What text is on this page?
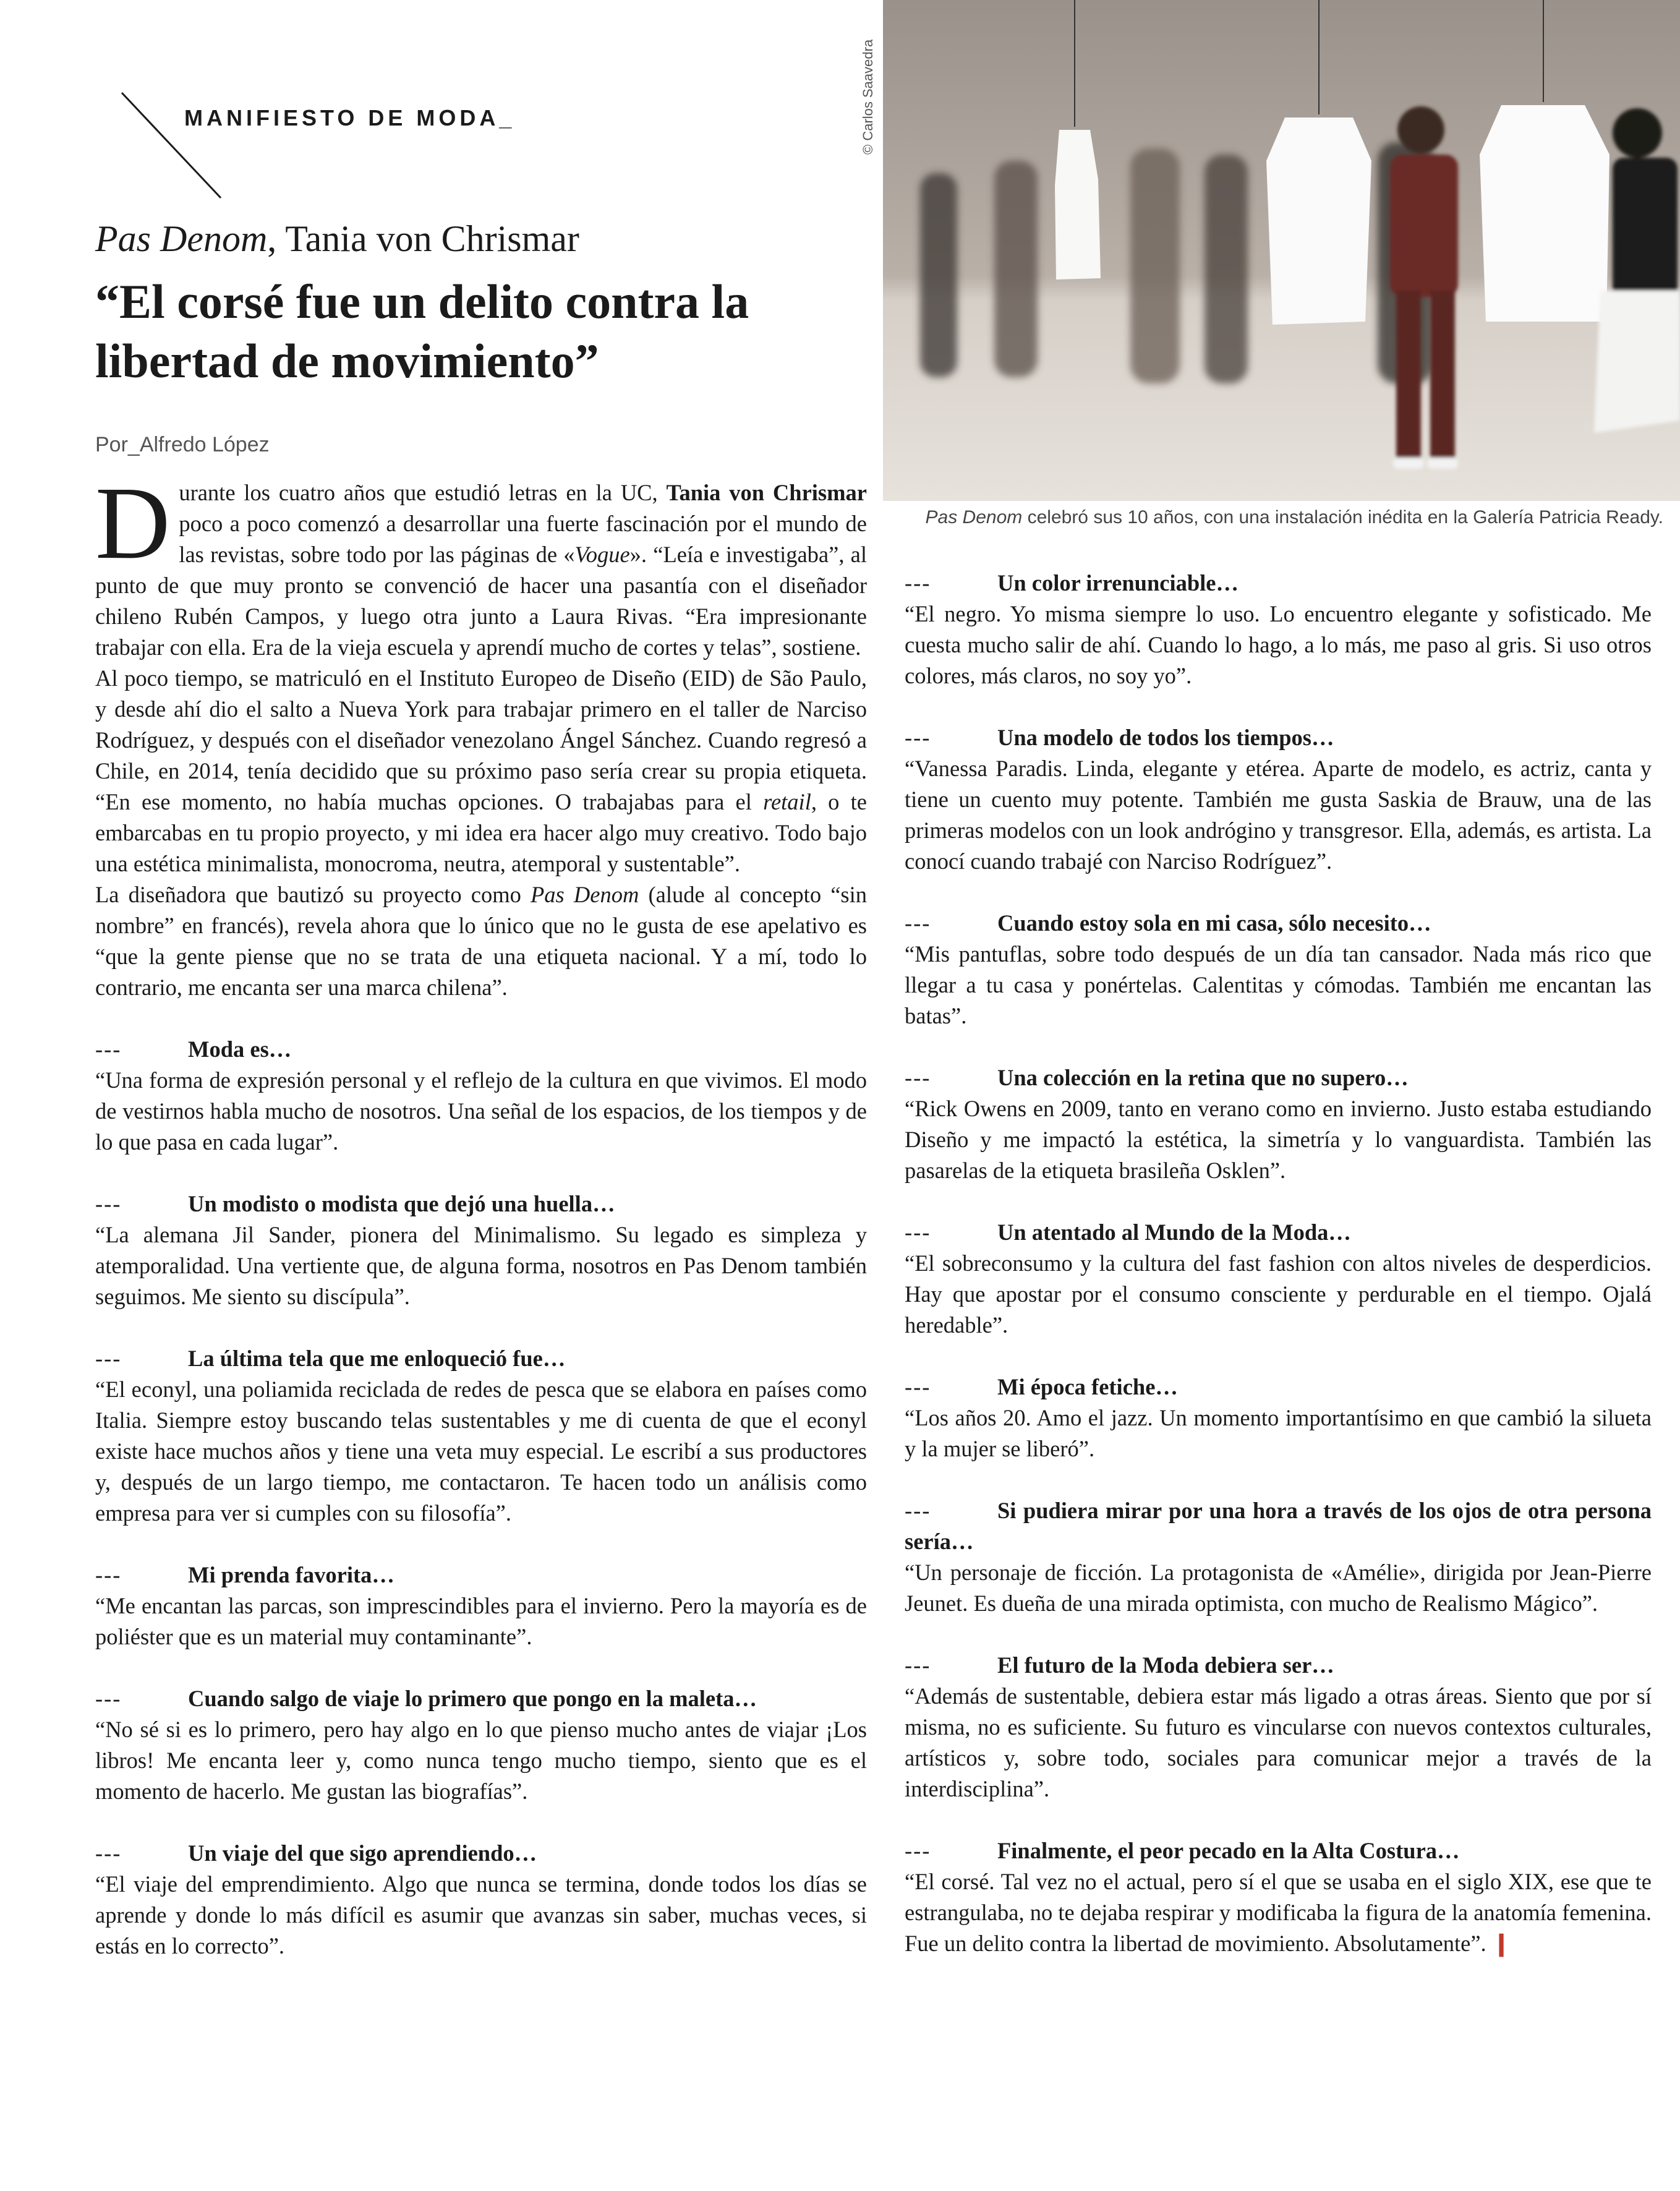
MANIFIESTO DE MODA_
Pas Denom, Tania von Chrismar
“El corsé fue un delito contra la libertad de movimiento”
Por_Alfredo López
© Carlos Saavedra
Pas Denom celebró sus 10 años, con una instalación inédita en la Galería Patricia Ready.

Durante los cuatro años que estudió letras en la UC, Tania von Chrismar poco a poco comenzó a desarrollar una fuerte fascinación por el mundo de las revistas, sobre todo por las páginas de «Vogue». “Leía e investigaba”, al punto de que muy pronto se convenció de hacer una pasantía con el diseñador chileno Rubén Campos, y luego otra junto a Laura Rivas. “Era impresionante trabajar con ella. Era de la vieja escuela y aprendí mucho de cortes y telas”, sostiene.

Al poco tiempo, se matriculó en el Instituto Europeo de Diseño (EID) de São Paulo, y desde ahí dio el salto a Nueva York para trabajar primero en el taller de Narciso Rodríguez, y después con el diseñador venezolano Ángel Sánchez. Cuando regresó a Chile, en 2014, tenía decidido que su próximo paso sería crear su propia etiqueta. “En ese momento, no había muchas opciones. O trabajabas para el retail, o te embarcabas en tu propio proyecto, y mi idea era hacer algo muy creativo. Todo bajo una estética minimalista, monocroma, neutra, atemporal y sustentable”.

La diseñadora que bautizó su proyecto como Pas Denom (alude al concepto “sin nombre” en francés), revela ahora que lo único que no le gusta de ese apelativo es “que la gente piense que no se trata de una etiqueta nacional. Y a mí, todo lo contrario, me encanta ser una marca chilena”.

---	Moda es…
“Una forma de expresión personal y el reflejo de la cultura en que vivimos. El modo de vestirnos habla mucho de nosotros. Una señal de los espacios, de los tiempos y de lo que pasa en cada lugar”.
---	Un modisto o modista que dejó una huella…
“La alemana Jil Sander, pionera del Minimalismo. Su legado es simpleza y atemporalidad. Una vertiente que, de alguna forma, nosotros en Pas Denom también seguimos. Me siento su discípula”.
---	La última tela que me enloqueció fue…
“El econyl, una poliamida reciclada de redes de pesca que se elabora en países como Italia. Siempre estoy buscando telas sustentables y me di cuenta de que el econyl existe hace muchos años y tiene una veta muy especial. Le escribí a sus productores y, después de un largo tiempo, me contactaron. Te hacen todo un análisis como empresa para ver si cumples con su filosofía”.
---	Mi prenda favorita…
“Me encantan las parcas, son imprescindibles para el invierno. Pero la mayoría es de poliéster que es un material muy contaminante”.
---	Cuando salgo de viaje lo primero que pongo en la maleta…
“No sé si es lo primero, pero hay algo en lo que pienso mucho antes de viajar ¡Los libros! Me encanta leer y, como nunca tengo mucho tiempo, siento que es el momento de hacerlo. Me gustan las biografías”.
---	Un viaje del que sigo aprendiendo…
“El viaje del emprendimiento. Algo que nunca se termina, donde todos los días se aprende y donde lo más difícil es asumir que avanzas sin saber, muchas veces, si estás en lo correcto”.
---	Un color irrenunciable…
“El negro. Yo misma siempre lo uso. Lo encuentro elegante y sofisticado. Me cuesta mucho salir de ahí. Cuando lo hago, a lo más, me paso al gris. Si uso otros colores, más claros, no soy yo”.
---	Una modelo de todos los tiempos…
“Vanessa Paradis. Linda, elegante y etérea. Aparte de modelo, es actriz, canta y tiene un cuento muy potente. También me gusta Saskia de Brauw, una de las primeras modelos con un look andrógino y transgresor. Ella, además, es artista. La conocí cuando trabajé con Narciso Rodríguez”.
---	Cuando estoy sola en mi casa, sólo necesito…
“Mis pantuflas, sobre todo después de un día tan cansador. Nada más rico que llegar a tu casa y ponértelas. Calentitas y cómodas. También me encantan las batas”.
---	Una colección en la retina que no supero…
“Rick Owens en 2009, tanto en verano como en invierno. Justo estaba estudiando Diseño y me impactó la estética, la simetría y lo vanguardista. También las pasarelas de la etiqueta brasileña Osklen”.
---	Un atentado al Mundo de la Moda…
“El sobreconsumo y la cultura del fast fashion con altos niveles de desperdicios. Hay que apostar por el consumo consciente y perdurable en el tiempo. Ojalá heredable”.
---	Mi época fetiche…
“Los años 20. Amo el jazz. Un momento importantísimo en que cambió la silueta y la mujer se liberó”.
---	Si pudiera mirar por una hora a través de los ojos de otra persona sería…
“Un personaje de ficción. La protagonista de «Amélie», dirigida por Jean-Pierre Jeunet. Es dueña de una mirada optimista, con mucho de Realismo Mágico”.
---	El futuro de la Moda debiera ser…
“Además de sustentable, debiera estar más ligado a otras áreas. Siento que por sí misma, no es suficiente. Su futuro es vincularse con nuevos contextos culturales, artísticos y, sobre todo, sociales para comunicar mejor a través de la interdisciplina”.
---	Finalmente, el peor pecado en la Alta Costura…
“El corsé. Tal vez no el actual, pero sí el que se usaba en el siglo XIX, ese que te estrangulaba, no te dejaba respirar y modificaba la figura de la anatomía femenina. Fue un delito contra la libertad de movimiento. Absolutamente”. ❙
